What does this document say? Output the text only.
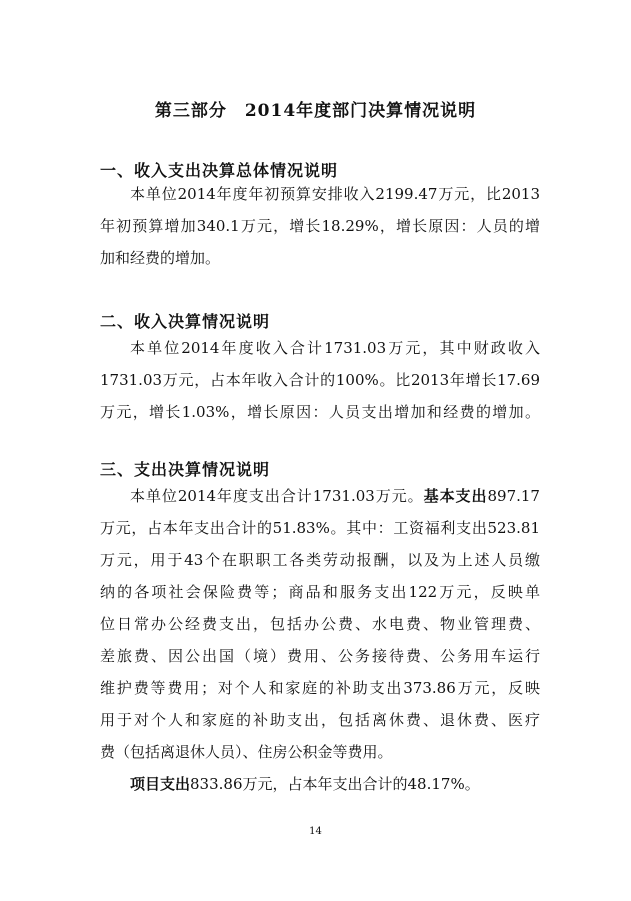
第三部分　2014年度部门决算情况说明
一、收入支出决算总体情况说明
本单位2014年度年初预算安排收入2199.47万元，比2013
年初预算增加340.1万元，增长18.29%，增长原因：人员的增
加和经费的增加。
二、收入决算情况说明
本单位2014年度收入合计1731.03万元，其中财政收入
1731.03万元，占本年收入合计的100%。比2013年增长17.69
万元，增长1.03%，增长原因：人员支出增加和经费的增加。
三、支出决算情况说明
本单位2014年度支出合计1731.03万元。基本支出897.17
万元，占本年支出合计的51.83%。其中：工资福利支出523.81
万元，用于43个在职职工各类劳动报酬，以及为上述人员缴
纳的各项社会保险费等；商品和服务支出122万元，反映单
位日常办公经费支出，包括办公费、水电费、物业管理费、
差旅费、因公出国（境）费用、公务接待费、公务用车运行
维护费等费用；对个人和家庭的补助支出373.86万元，反映
用于对个人和家庭的补助支出，包括离休费、退休费、医疗
费（包括离退休人员）、住房公积金等费用。
项目支出833.86万元，占本年支出合计的48.17%。
14
